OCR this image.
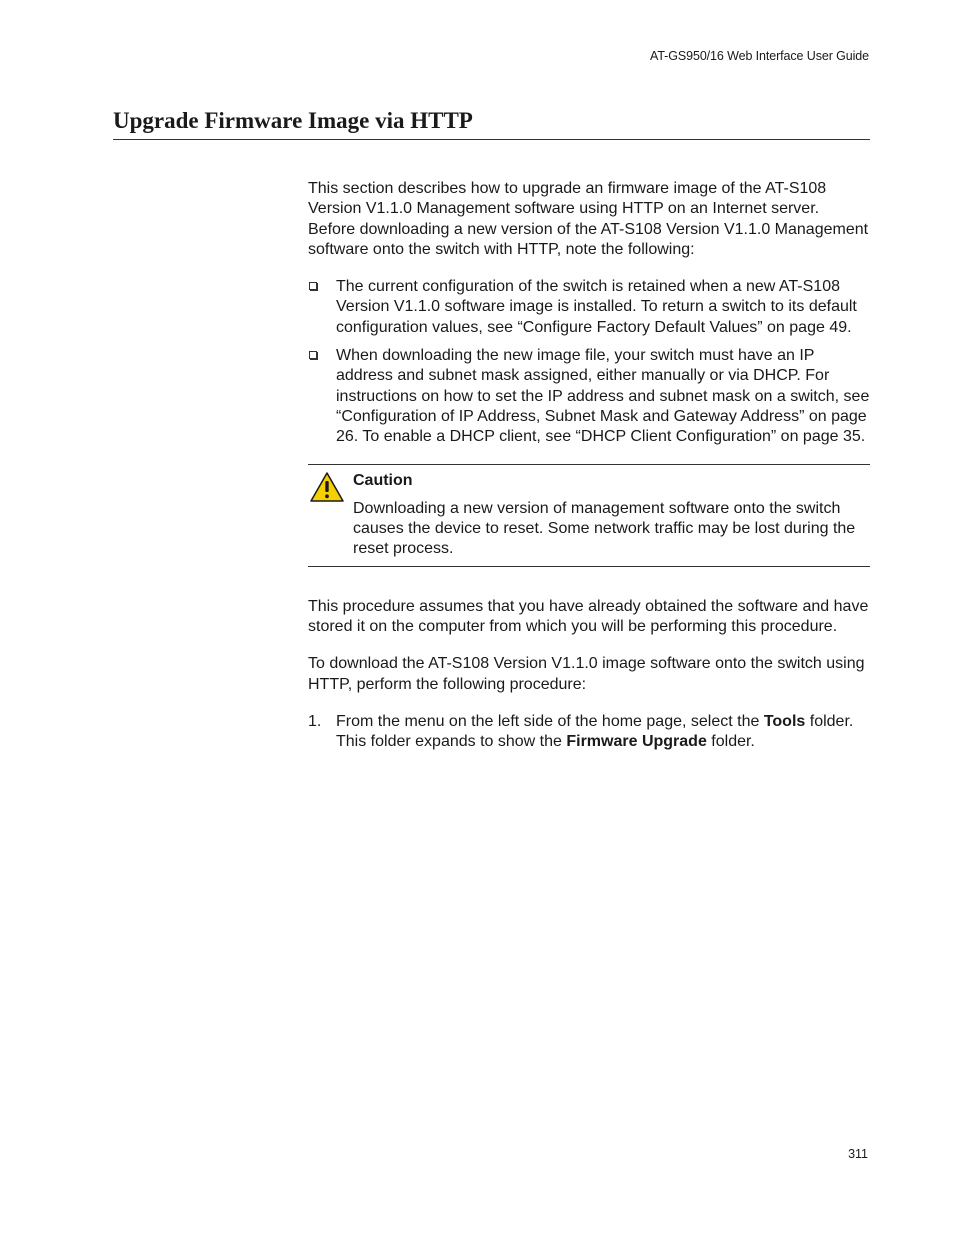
AT-GS950/16 Web Interface User Guide
Upgrade Firmware Image via HTTP

This section describes how to upgrade an firmware image of the AT-S108 Version V1.1.0 Management software using HTTP on an Internet server. Before downloading a new version of the AT-S108 Version V1.1.0 Management software onto the switch with HTTP, note the following:

The current configuration of the switch is retained when a new AT-S108 Version V1.1.0 software image is installed. To return a switch to its default configuration values, see “Configure Factory Default Values” on page 49.
When downloading the new image file, your switch must have an IP address and subnet mask assigned, either manually or via DHCP. For instructions on how to set the IP address and subnet mask on a switch, see “Configuration of IP Address, Subnet Mask and Gateway Address” on page 26. To enable a DHCP client, see “DHCP Client Configuration” on page 35.

Caution

Downloading a new version of management software onto the switch causes the device to reset. Some network traffic may be lost during the reset process.

This procedure assumes that you have already obtained the software and have stored it on the computer from which you will be performing this procedure.

To download the AT-S108 Version V1.1.0 image software onto the switch using HTTP, perform the following procedure:

1. From the menu on the left side of the home page, select the Tools folder.
This folder expands to show the Firmware Upgrade folder.
311
